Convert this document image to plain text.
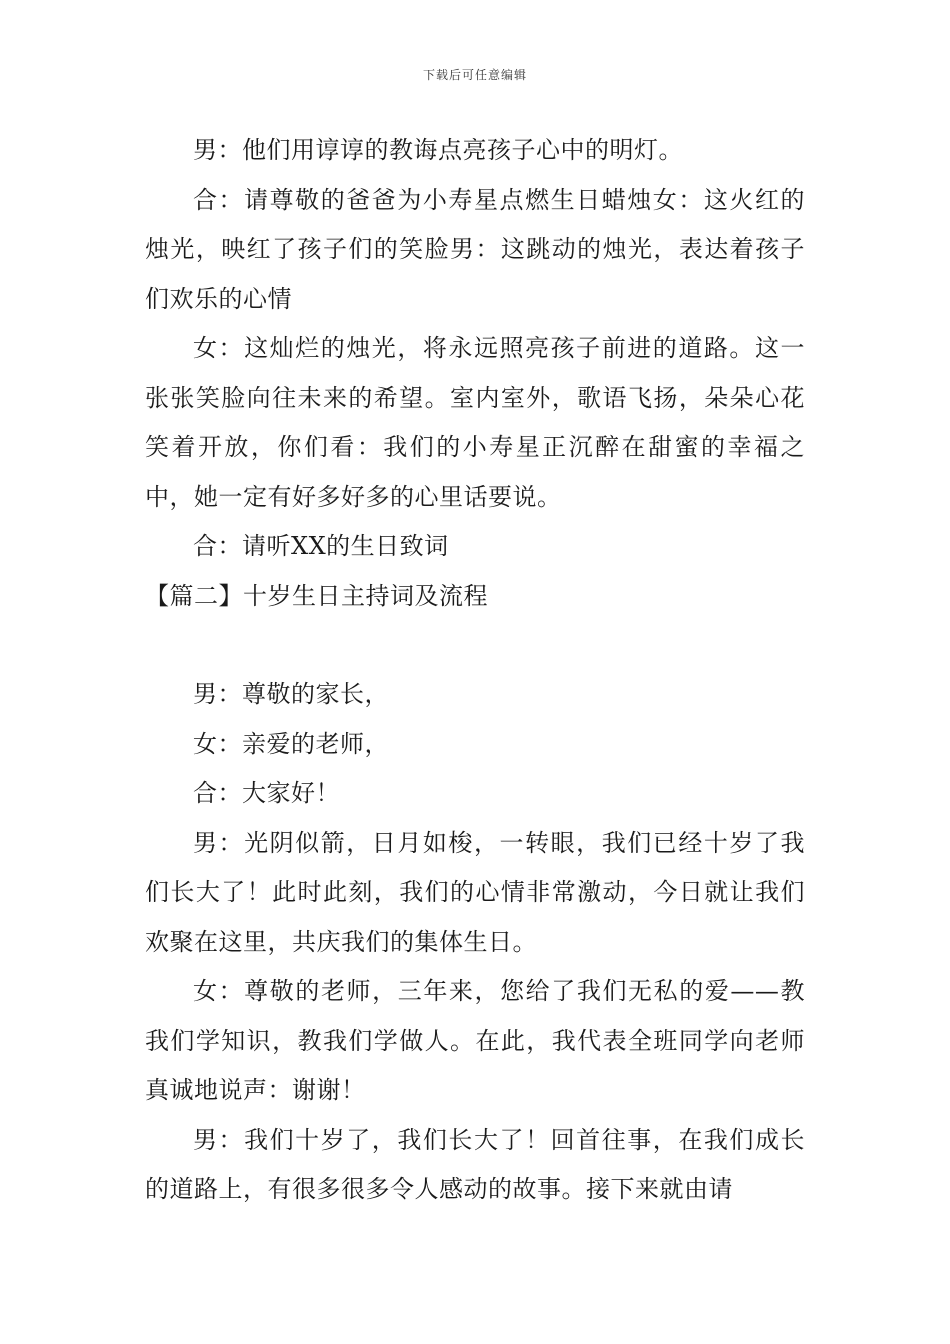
下载后可任意编辑

男：他们用谆谆的教诲点亮孩子心中的明灯。

合：请尊敬的爸爸为小寿星点燃生日蜡烛女：这火红的烛光，映红了孩子们的笑脸男：这跳动的烛光，表达着孩子们欢乐的心情

女：这灿烂的烛光，将永远照亮孩子前进的道路。这一张张笑脸向往未来的希望。室内室外，歌语飞扬，朵朵心花笑着开放，你们看：我们的小寿星正沉醉在甜蜜的幸福之中，她一定有好多好多的心里话要说。

合：请听XX的生日致词

【篇二】十岁生日主持词及流程

男：尊敬的家长，

女：亲爱的老师，

合：大家好！

男：光阴似箭，日月如梭，一转眼，我们已经十岁了我们长大了！此时此刻，我们的心情非常激动，今日就让我们欢聚在这里，共庆我们的集体生日。

女：尊敬的老师，三年来，您给了我们无私的爱——教我们学知识，教我们学做人。在此，我代表全班同学向老师真诚地说声：谢谢！

男：我们十岁了，我们长大了！回首往事，在我们成长的道路上，有很多很多令人感动的故事。接下来就由请
